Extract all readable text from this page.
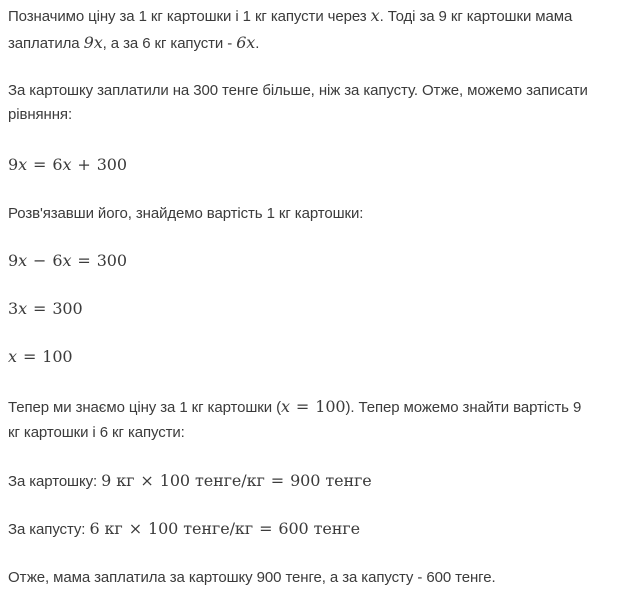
Позначимо ціну за 1 кг картошки і 1 кг капусти через x. Тоді за 9 кг картошки мама
заплатила 9x, а за 6 кг капусти - 6x.
За картошку заплатили на 300 тенге більше, ніж за капусту. Отже, можемо записати
рівняння:
9x = 6x + 300
Розв'язавши його, знайдемо вартість 1 кг картошки:
9x − 6x = 300
3x = 300
x = 100
Тепер ми знаємо ціну за 1 кг картошки (x = 100). Тепер можемо знайти вартість 9
кг картошки і 6 кг капусти:
За картошку: 9 кг × 100 тенге/кг = 900 тенге
За капусту: 6 кг × 100 тенге/кг = 600 тенге
Отже, мама заплатила за картошку 900 тенге, а за капусту - 600 тенге.
